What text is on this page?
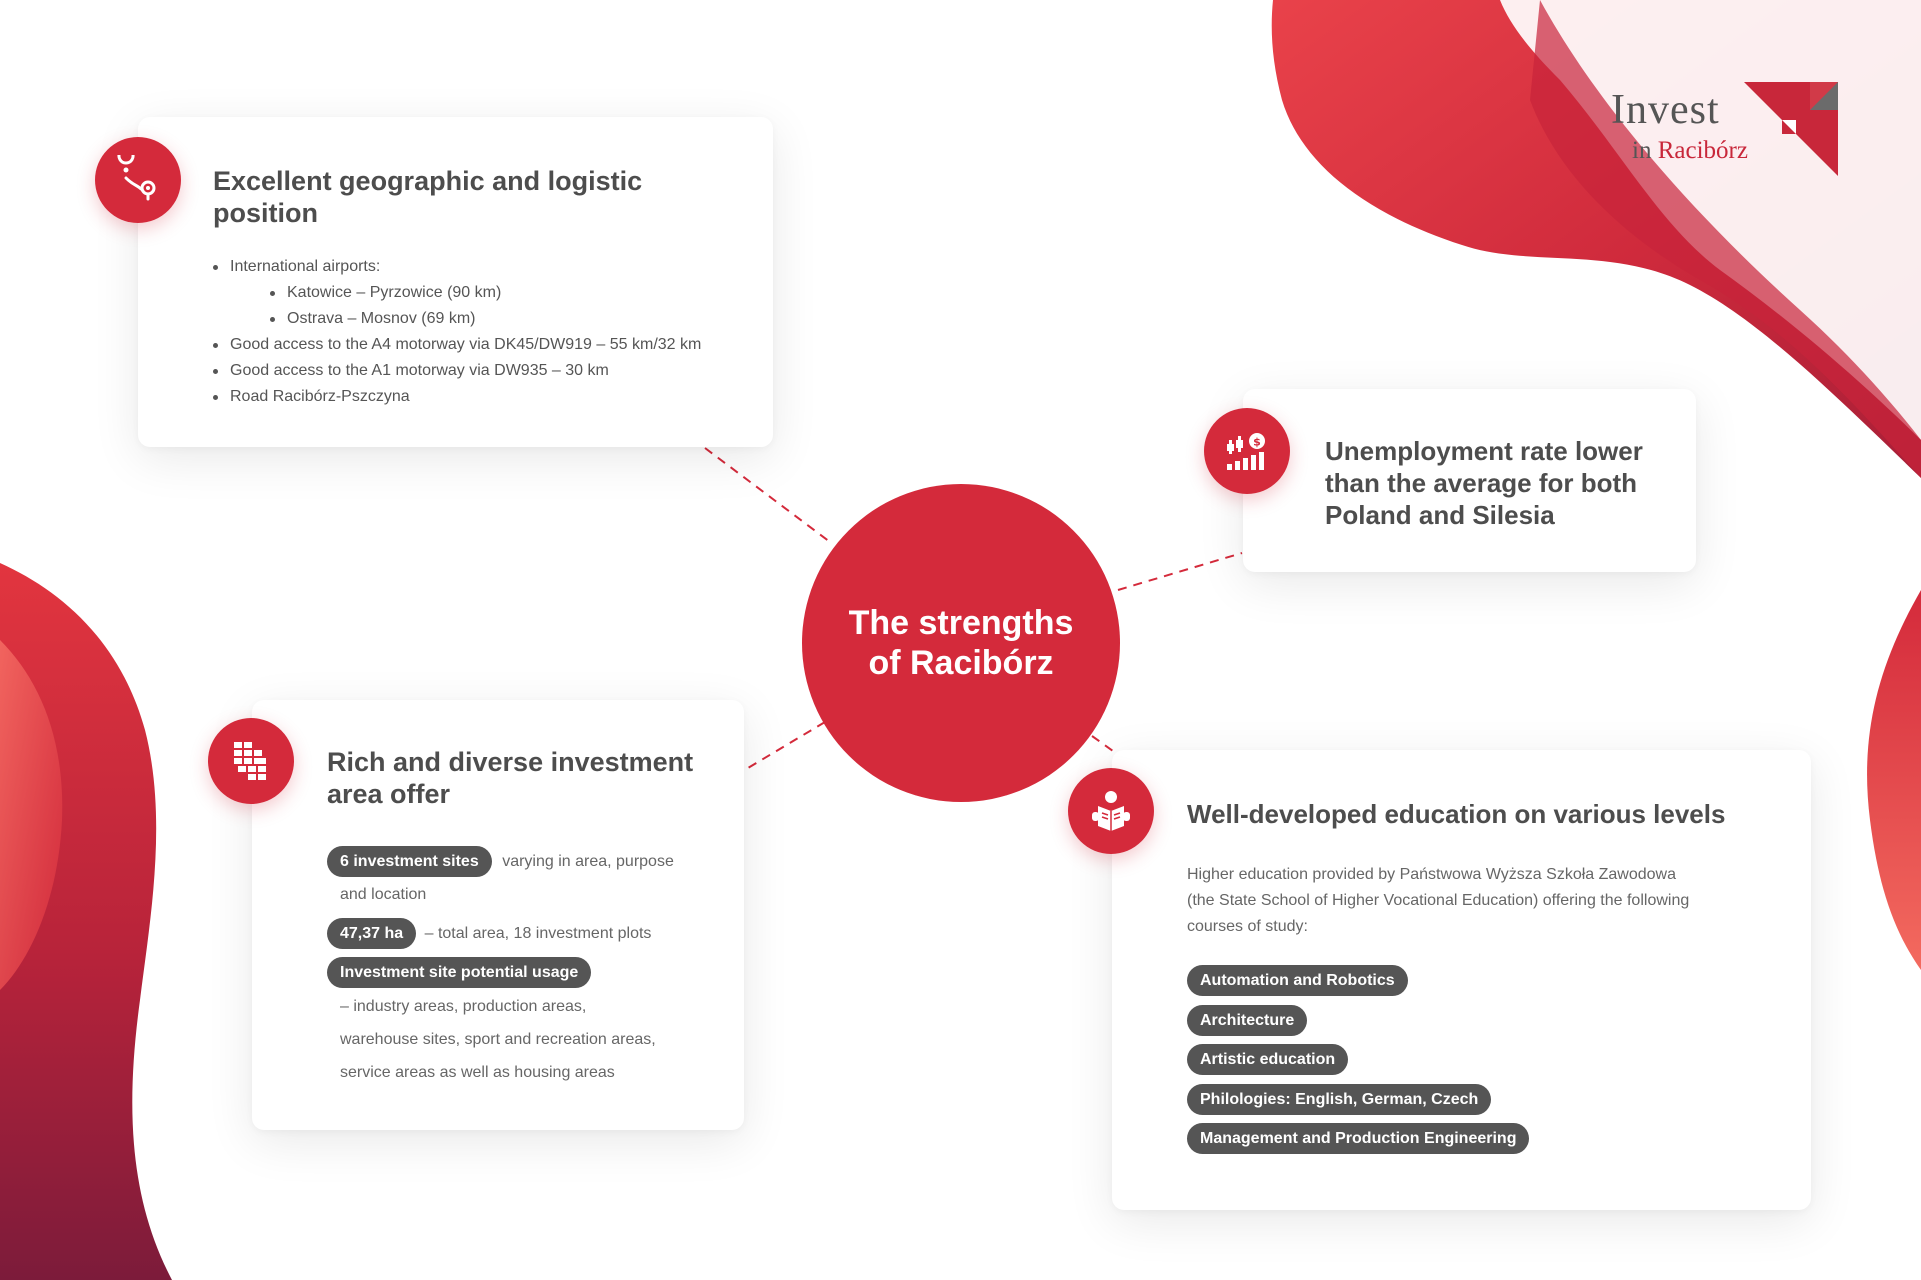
Invest
in Racibórz
Excellent geographic and logistic
position
International airports:
Katowice – Pyrzowice (90 km)
Ostrava – Mosnov (69 km)
Good access to the A4 motorway via DK45/DW919 – 55 km/32 km
Good access to the A1 motorway via DW935 – 30 km
Road Racibórz-Pszczyna
Unemployment rate lower
than the average for both
Poland and Silesia
$
The strengths
of Racibórz
Rich and diverse investment
area offer
6 investment sites varying in area, purpose
and location
47,37 ha – total area, 18 investment plots
Investment site potential usage
– industry areas, production areas,
warehouse sites, sport and recreation areas,
service areas as well as housing areas
Well-developed education on various levels
Higher education provided by Państwowa Wyższa Szkoła Zawodowa
(the State School of Higher Vocational Education) offering the following
courses of study:
Automation and Robotics
Architecture
Artistic education
Philologies: English, German, Czech
Management and Production Engineering
